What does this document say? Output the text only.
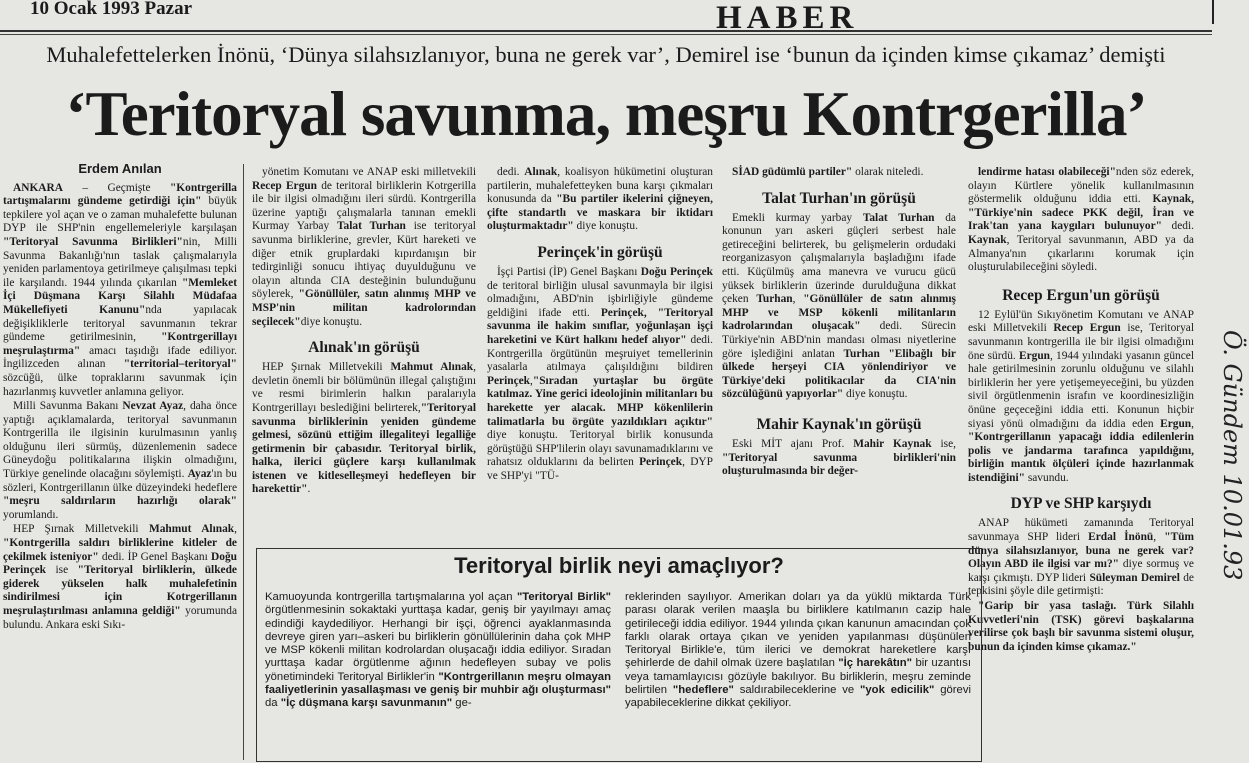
10 Ocak 1993 Pazar	HABER
Muhalefettelerken İnönü, ‘Dünya silahsızlanıyor, buna ne gerek var’, Demirel ise ‘bunun da içinden kimse çıkamaz’ demişti
‘Teritoryal savunma, meşru Kontrgerilla’
Erdem Anılan

ANKARA – Geçmişte "Kontrgerilla tartışmalarını gündeme getirdiği için" büyük tepkilere yol açan ve o zaman muhalefette bulunan DYP ile SHP'nin engellemeleriyle karşılaşan "Teritoryal Savunma Birlikleri"nin, Milli Savunma Bakanlığı'nın taslak çalışmalarıyla yeniden parlamentoya getirilmeye çalışılması tepki ile karşılandı. 1944 yılında çıkarılan "Memleket İçi Düşmana Karşı Silahlı Müdafaa Mükellefiyeti Kanunu"nda yapılacak değişikliklerle teritoryal savunmanın tekrar gündeme getirilmesinin, "Kontrgerillayı meşrulaştırma" amacı taşıdığı ifade ediliyor. İngilizceden alınan "territorial–teritoryal" sözcüğü, ülke topraklarını savunmak için hazırlanmış kuvvetler anlamına geliyor.

Milli Savunma Bakanı Nevzat Ayaz, daha önce yaptığı açıklamalarda, teritoryal savunmanın Kontrgerilla ile ilgisinin kurulmasının yanlış olduğunu ileri sürmüş, düzenlemenin sadece Güneydoğu politikalarına ilişkin olmadığını, Türkiye genelinde olacağını söylemişti. Ayaz'ın bu sözleri, Kontrgerillanın ülke düzeyindeki hedeflere "meşru saldırıların hazırlığı olarak" yorumlandı.

HEP Şırnak Milletvekili Mahmut Alınak, "Kontrgerilla saldırı birliklerine kitleler de çekilmek isteniyor" dedi. İP Genel Başkanı Doğu Perinçek ise "Teritoryal birliklerin, ülkede giderek yükselen halk muhalefetinin sindirilmesi için Kotrgerillanın meşrulaştırılması anlamına geldiği" yorumunda bulundu. Ankara eski Sıkı-

yönetim Komutanı ve ANAP eski milletvekili Recep Ergun de teritoral birliklerin Kotrgerilla ile bir ilgisi olmadığını ileri sürdü. Kontrgerilla üzerine yaptığı çalışmalarla tanınan emekli Kurmay Yarbay Talat Turhan ise teritoryal savunma birliklerine, grevler, Kürt hareketi ve diğer etnik gruplardaki kıpırdanışın bir tedirginliği sonucu ihtiyaç duyulduğunu ve olayın altında CIA desteğinin bulunduğunu söylerek, "Gönüllüler, satın alınmış MHP ve MSP'nin militan kadrolorından seçilecek"diye konuştu.

Alınak'ın görüşü

HEP Şırnak Milletvekili Mahmut Alınak, devletin önemli bir bölümünün illegal çalıştığını ve resmi birimlerin halkın paralarıyla Kontrgerillayı beslediğini belirterek,"Teritoryal savunma birliklerinin yeniden gündeme gelmesi, sözünü ettiğim illegaliteyi legalliğe getirmenin bir çabasıdır. Teritoryal birlik, halka, ilerici güçlere karşı kullanılmak istenen ve kitleselleşmeyi hedefleyen bir harekettir".

dedi. Alınak, koalisyon hükümetini oluşturan partilerin, muhalefetteyken buna karşı çıkmaları konusunda da "Bu partiler ikelerini çiğneyen, çifte standartlı ve maskara bir iktidarı oluşturmaktadır" diye konuştu.

Perinçek'in görüşü

İşçi Partisi (İP) Genel Başkanı Doğu Perinçek de teritoral birliğin ulusal savunmayla bir ilgisi olmadığını, ABD'nin işbirliğiyle gündeme geldiğini ifade etti. Perinçek, "Teritoryal savunma ile hakim sınıflar, yoğunlaşan işçi hareketini ve Kürt halkını hedef alıyor" dedi. Kontrgerilla örgütünün meşruiyet temellerinin yasalarla atılmaya çalışıldığını bildiren Perinçek,"Sıradan yurtaşlar bu örgüte katılmaz. Yine gerici ideolojinin militanları bu harekette yer alacak. MHP kökenlilerin talimatlarla bu örgüte yazıldıkları açıktır" diye konuştu. Teritoryal birlik konusunda görüştüğü SHP'lilerin olayı savunamadıklarını ve rahatsız olduklarını da belirten Perinçek, DYP ve SHP'yi "TÜ-

SİAD güdümlü partiler" olarak niteledi.

Talat Turhan'ın görüşü

Emekli kurmay yarbay Talat Turhan da konunun yarı askeri güçleri serbest hale getireceğini belirterek, bu gelişmelerin ordudaki reorganizasyon çalışmalarıyla başladığını ifade etti. Küçülmüş ama manevra ve vurucu gücü yüksek birliklerin üzerinde durulduğuna dikkat çeken Turhan, "Gönüllüler de satın alınmış MHP ve MSP kökenli militanların kadrolarından oluşacak" dedi. Sürecin Türkiye'nin ABD'nin mandası olması niyetlerine göre işlediğini anlatan Turhan "Elibağlı bir ülkede herşeyi CIA yönlendiriyor ve Türkiye'deki politikacılar da CIA'nin sözcülüğünü yapıyorlar" diye konuştu.

Mahir Kaynak'ın görüşü

Eski MİT ajanı Prof. Mahir Kaynak ise, "Teritoryal savunma birlikleri'nin oluşturulmasında bir değer-

lendirme hatası olabileceği"nden söz ederek, olayın Kürtlere yönelik kullanılmasının göstermelik olduğunu iddia etti. Kaynak, "Türkiye'nin sadece PKK değil, İran ve Irak'tan yana kaygıları bulunuyor" dedi. Kaynak, Teritoryal savunmanın, ABD ya da Almanya'nın çıkarlarını korumak için oluşturulabileceğini söyledi.

Recep Ergun'un görüşü

12 Eylül'ün Sıkıyönetim Komutanı ve ANAP eski Milletvekili Recep Ergun ise, Teritoryal savunmanın kontrgerilla ile bir ilgisi olmadığını öne sürdü. Ergun, 1944 yılındaki yasanın güncel hale getirilmesinin zorunlu olduğunu ve silahlı birliklerin her yere yetişemeyeceğini, bu yüzden sivil örgütlenmenin israfın ve koordinesizliğin önüne geçeceğini iddia etti. Konunun hiçbir siyasi yönü olmadığını da iddia eden Ergun, "Kontrgerillanın yapacağı iddia edilenlerin polis ve jandarma tarafınca yapıldığını, birliğin mantık ölçüleri içinde hazırlanmak istendiğini" savundu.

DYP ve SHP karşıydı

ANAP hükümeti zamanında Teritoryal savunmaya SHP lideri Erdal İnönü, "Tüm dünya silahsızlanıyor, buna ne gerek var? Olayın ABD ile ilgisi var mı?" diye sormuş ve karşı çıkmıştı. DYP lideri Süleyman Demirel de tepkisini şöyle dile getirmişti:

"Garip bir yasa taslağı. Türk Silahlı Kuvvetleri'nin (TSK) görevi başkalarına verilirse çok başlı bir savunma sistemi oluşur, bunun da içinden kimse çıkamaz."

Teritoryal birlik neyi amaçlıyor?
Kamuoyunda kontrgerilla tartışmalarına yol açan "Teritoryal Birlik" örgütlenmesinin sokaktaki yurttaşa kadar, geniş bir yayılmayı amaç edindiği kaydediliyor. Herhangi bir işçi, öğrenci ayaklanmasında devreye giren yarı–askeri bu birliklerin gönüllülerinin daha çok MHP ve MSP kökenli militan kodrolardan oluşacağı iddia ediliyor. Sıradan yurttaşa kadar örgütlenme ağının hedefleyen subay ve polis yönetimindeki Teritoryal Birlikler'in "Kontrgerillanın meşru olmayan faaliyetlerinin yasallaşması ve geniş bir muhbir ağı oluşturması" da "İç düşmana karşı savunmanın" ge-
reklerinden sayılıyor. Amerikan doları ya da yüklü miktarda Türk parası olarak verilen maaşla bu birliklere katılmanın cazip hale getirileceği iddia ediliyor. 1944 yılında çıkan kanunun amacından çok farklı olarak ortaya çıkan ve yeniden yapılanması düşünülen Teritoryal Birlikle'e, tüm ilerici ve demokrat hareketlere karşı şehirlerde de dahil olmak üzere başlatılan "İç harekâtın" bir uzantısı veya tamamlayıcısı gözüyle bakılıyor. Bu birliklerin, meşru zeminde belirtilen "hedeflere" saldırabileceklerine ve "yok edicilik" görevi yapabileceklerine dikkat çekiliyor.
Ö. Gündem 10.01.93
